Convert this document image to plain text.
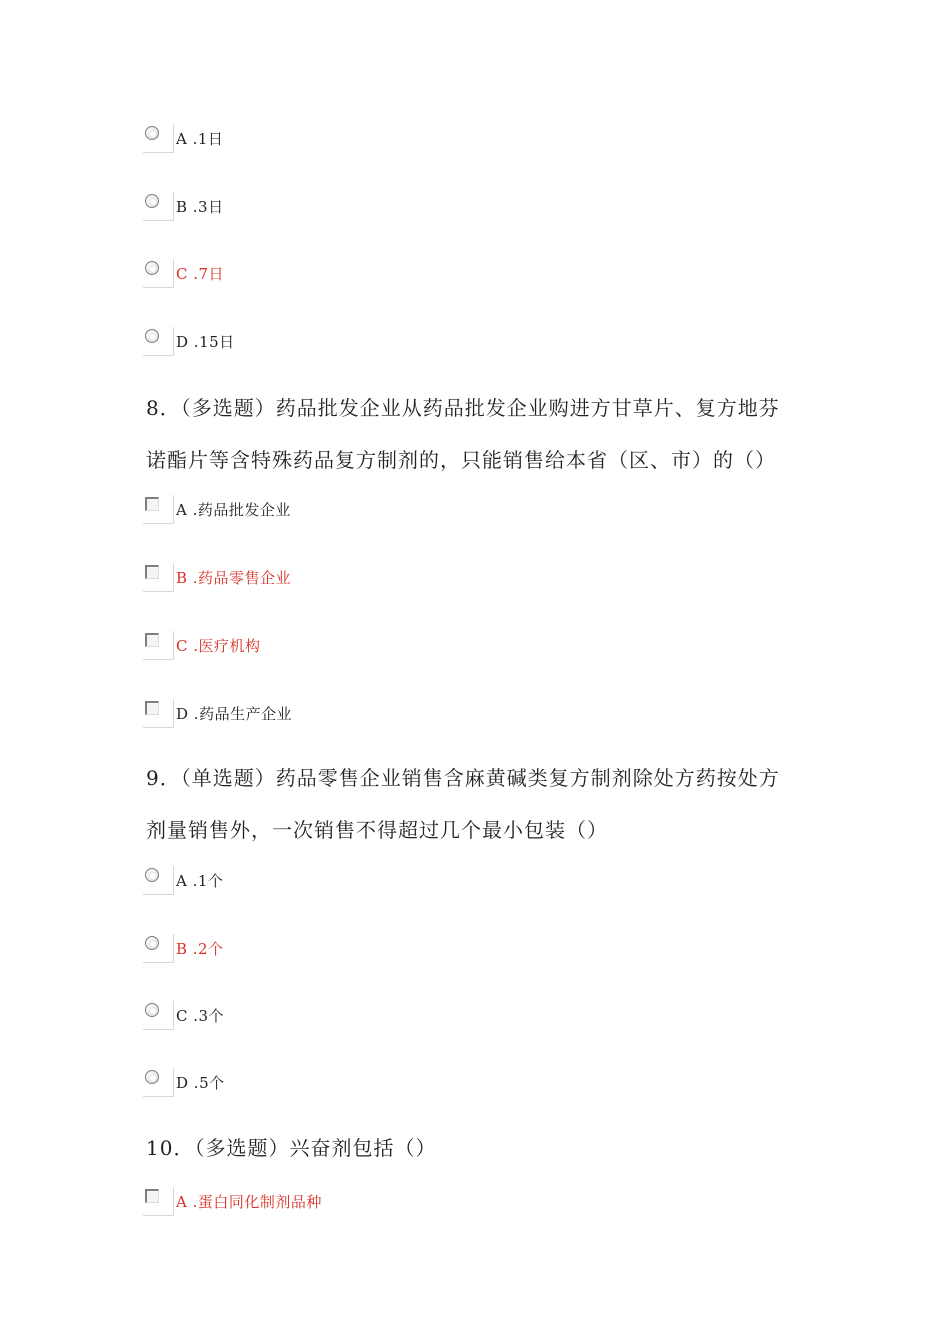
A .1日
B .3日
C .7日
D .15日
8．（多选题）药品批发企业从药品批发企业购进方甘草片、复方地芬
诺酯片等含特殊药品复方制剂的，只能销售给本省（区、市）的（）
A .药品批发企业
B .药品零售企业
C .医疗机构
D .药品生产企业
9．（单选题）药品零售企业销售含麻黄碱类复方制剂除处方药按处方
剂量销售外，一次销售不得超过几个最小包装（）
A .1个
B .2个
C .3个
D .5个
10．（多选题）兴奋剂包括（）
A .蛋白同化制剂品种
